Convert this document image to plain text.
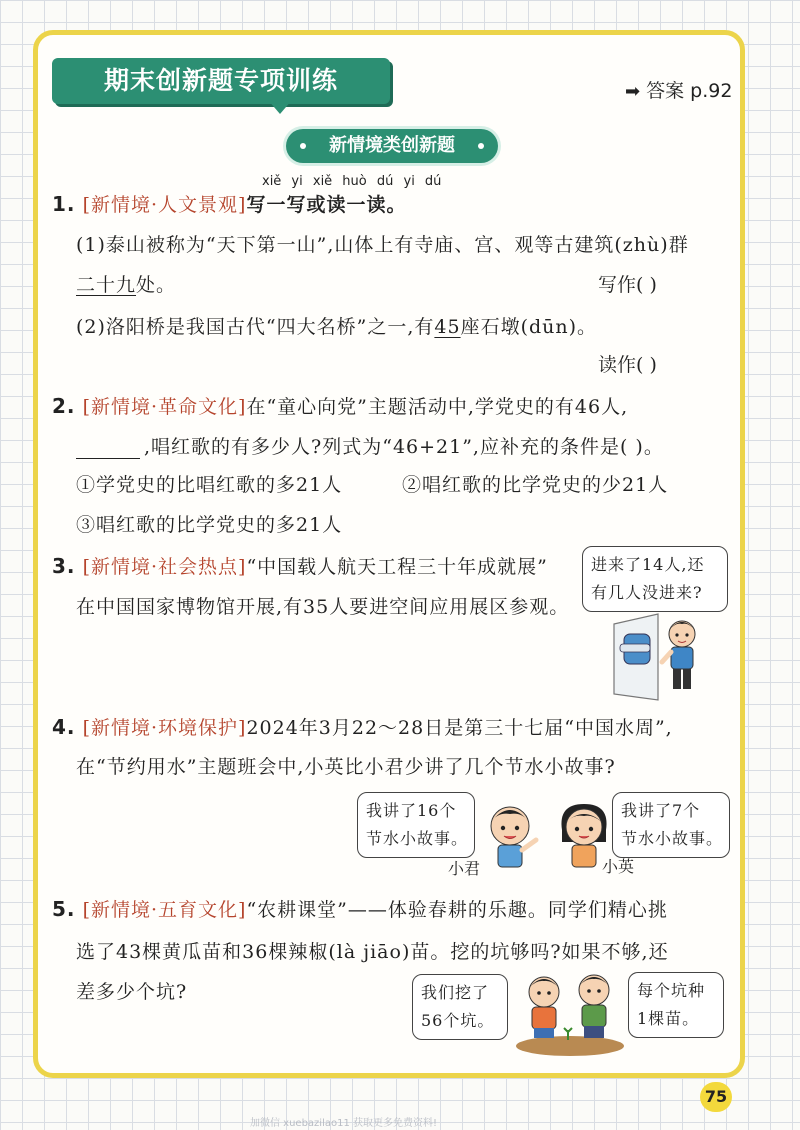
期末创新题专项训练	➡ 答案 p.92
新情境类创新题
xiě yi xiě huò dú yi dú
1. [新情境·人文景观]写一写或读一读。
(1)泰山被称为“天下第一山”,山体上有寺庙、宫、观等古建筑(zhù)群
二十九处。	写作( )
(2)洛阳桥是我国古代“四大名桥”之一,有45座石墩(dūn)。
读作( )
2. [新情境·革命文化]在“童心向党”主题活动中,学党史的有46人,
,唱红歌的有多少人?列式为“46+21”,应补充的条件是( )。
①学党史的比唱红歌的多21人	②唱红歌的比学党史的少21人
③唱红歌的比学党史的多21人
3. [新情境·社会热点]“中国载人航天工程三十年成就展”
在中国国家博物馆开展,有35人要进空间应用展区参观。
进来了14人,还
有几人没进来?
4. [新情境·环境保护]2024年3月22～28日是第三十七届“中国水周”,
在“节约用水”主题班会中,小英比小君少讲了几个节水小故事?
我讲了16个
节水小故事。
我讲了7个
节水小故事。
小君	小英
5. [新情境·五育文化]“农耕课堂”——体验春耕的乐趣。同学们精心挑
选了43棵黄瓜苗和36棵辣椒(là jiāo)苗。挖的坑够吗?如果不够,还
差多少个坑?	我们挖了
56个坑。
每个坑种
1棵苗。
75
加微信 xuebazilao11 获取更多免费资料!
